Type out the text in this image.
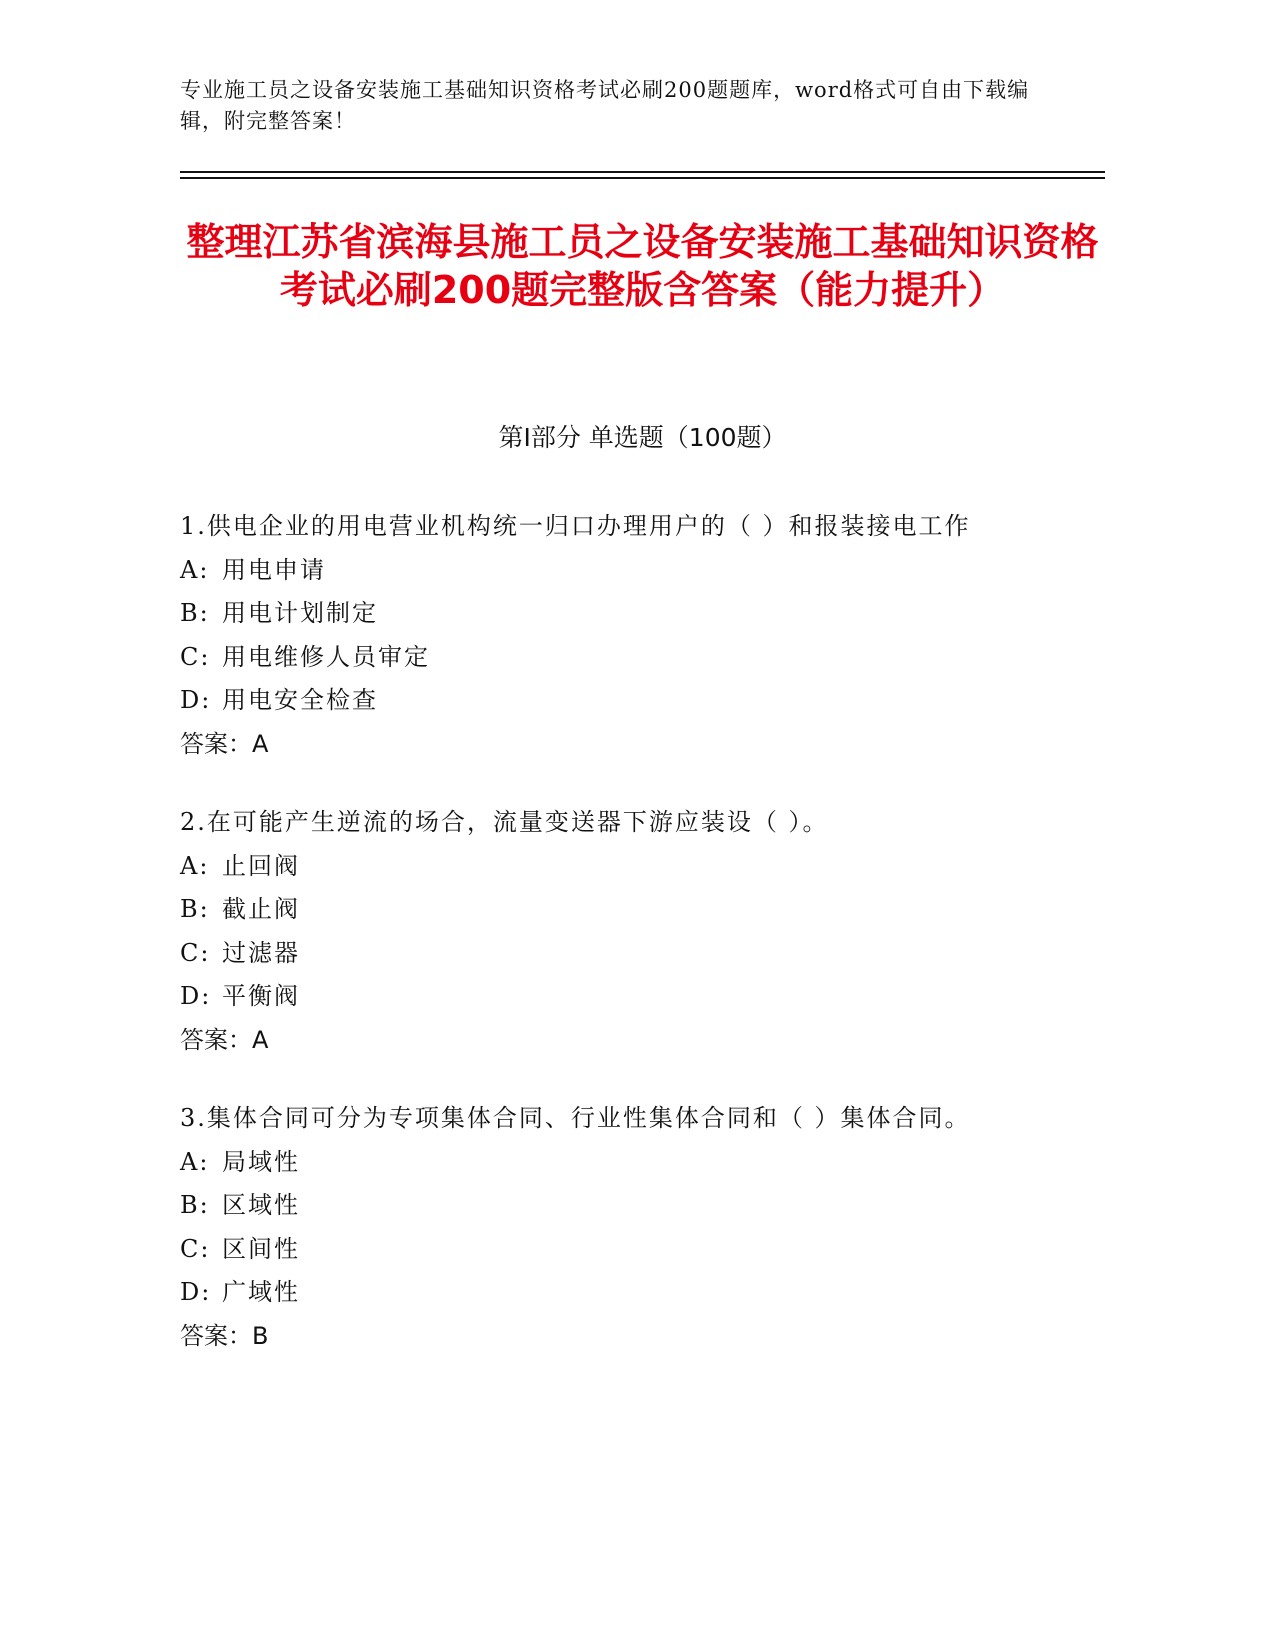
专业施工员之设备安装施工基础知识资格考试必刷200题题库，word格式可自由下载编辑，附完整答案！
整理江苏省滨海县施工员之设备安装施工基础知识资格考试必刷200题完整版含答案（能力提升）
第Ⅰ部分 单选题（100题）
1.供电企业的用电营业机构统一归口办理用户的（ ）和报装接电工作
A: 用电申请
B: 用电计划制定
C: 用电维修人员审定
D: 用电安全检查
答案：A
2.在可能产生逆流的场合，流量变送器下游应装设（ ）。
A: 止回阀
B: 截止阀
C: 过滤器
D: 平衡阀
答案：A
3.集体合同可分为专项集体合同、行业性集体合同和（ ）集体合同。
A: 局域性
B: 区域性
C: 区间性
D: 广域性
答案：B
